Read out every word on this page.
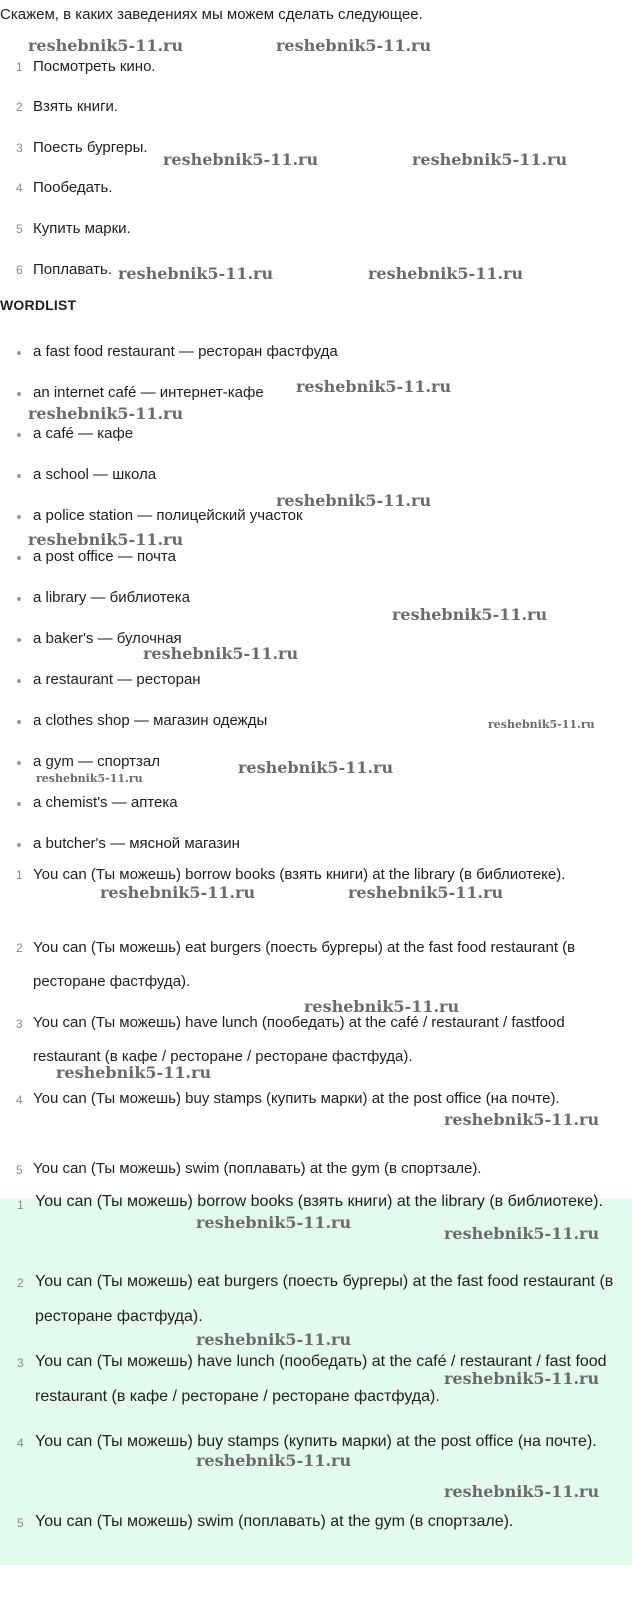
Скажем, в каких заведениях мы можем сделать следующее.
1 Посмотреть кино.
2 Взять книги.
3 Поесть бургеры.
4 Пообедать.
5 Купить марки.
6 Поплавать.
WORDLIST
a fast food restaurant — ресторан фастфуда
an internet café — интернет-кафе
a café — кафе
a school — школа
a police station — полицейский участок
a post office — почта
a library — библиотека
a baker's — булочная
a restaurant — ресторан
a clothes shop — магазин одежды
a gym — спортзал
a chemist's — аптека
a butcher's — мясной магазин
1 You can (Ты можешь) borrow books (взять книги) at the library (в библиотеке).
2 You can (Ты можешь) eat burgers (поесть бургеры) at the fast food restaurant (в ресторане фастфуда).
3 You can (Ты можешь) have lunch (пообедать) at the café / restaurant / fastfood restaurant (в кафе / ресторане / ресторане фастфуда).
4 You can (Ты можешь) buy stamps (купить марки) at the post office (на почте).
5 You can (Ты можешь) swim (поплавать) at the gym (в спортзале).
1 You can (Ты можешь) borrow books (взять книги) at the library (в библиотеке).
2 You can (Ты можешь) eat burgers (поесть бургеры) at the fast food restaurant (в ресторане фастфуда).
3 You can (Ты можешь) have lunch (пообедать) at the café / restaurant / fast food restaurant (в кафе / ресторане / ресторане фастфуда).
4 You can (Ты можешь) buy stamps (купить марки) at the post office (на почте).
5 You can (Ты можешь) swim (поплавать) at the gym (в спортзале).
reshebnik5-11.ru	reshebnik5-11.ru
reshebnik5-11.ru	reshebnik5-11.ru
reshebnik5-11.ru	reshebnik5-11.ru
reshebnik5-11.ru
reshebnik5-11.ru
reshebnik5-11.ru
reshebnik5-11.ru
reshebnik5-11.ru
reshebnik5-11.ru
reshebnik5-11.ru
reshebnik5-11.ru
reshebnik5-11.ru
reshebnik5-11.ru	reshebnik5-11.ru
reshebnik5-11.ru
reshebnik5-11.ru
reshebnik5-11.ru
reshebnik5-11.ru
reshebnik5-11.ru
reshebnik5-11.ru
reshebnik5-11.ru
reshebnik5-11.ru
reshebnik5-11.ru
